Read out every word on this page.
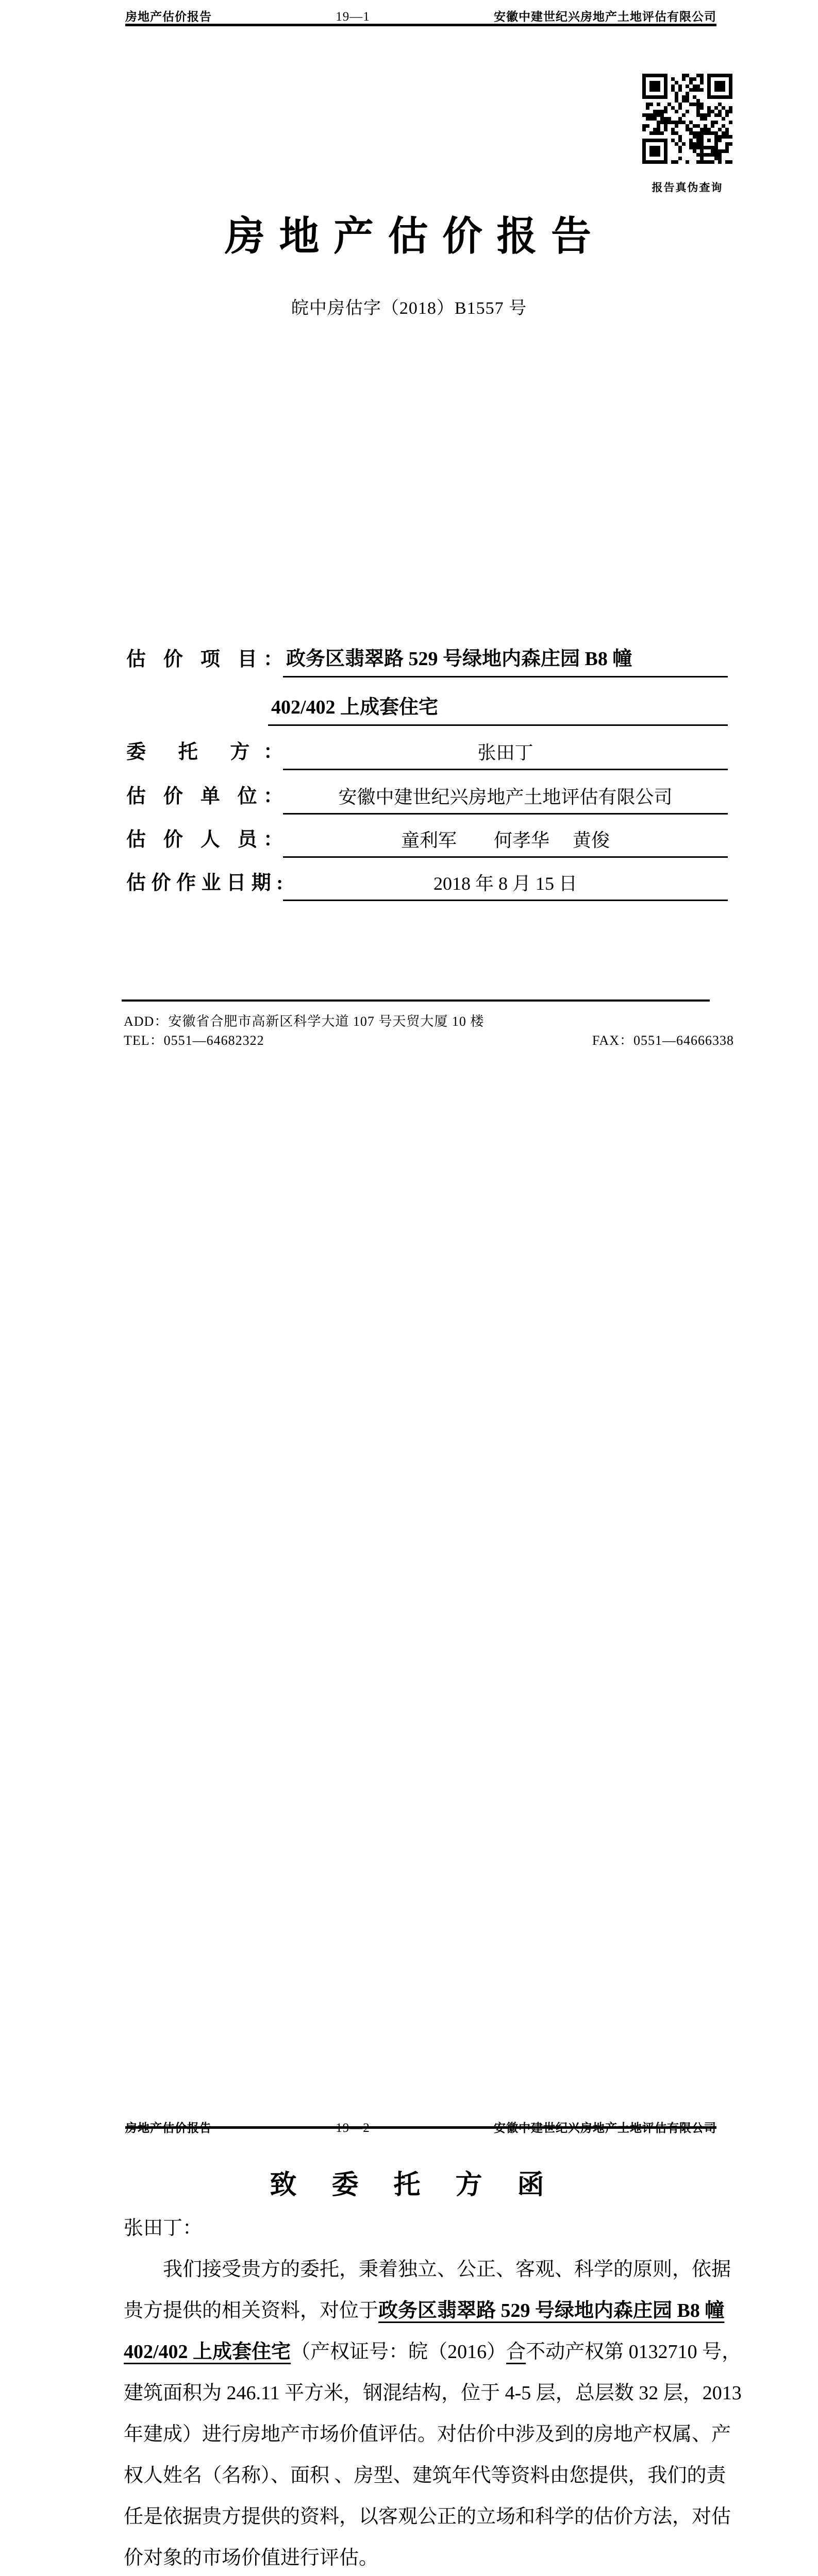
房地产估价报告	19—1	安徽中建世纪兴房地产土地评估有限公司
报告真伪查询
房 地 产 估 价 报 告
皖中房估字（2018）B1557 号
估 价 项 目： 政务区翡翠路 529 号绿地内森庄园 B8 幢
402/402 上成套住宅
委 托 方：	张田丁
估 价 单 位：	安徽中建世纪兴房地产土地评估有限公司
估 价 人 员：	童利军　　何孝华　 黄俊
估价作业日期:	2018 年 8 月 15 日
ADD：安徽省合肥市高新区科学大道 107 号天贸大厦 10 楼
TEL：0551—64682322	FAX：0551—64666338
致　委　托　方　函
张田丁：
我们接受贵方的委托，秉着独立、公正、客观、科学的原则，依据
贵方提供的相关资料，对位于政务区翡翠路 529 号绿地内森庄园 B8 幢
402/402 上成套住宅（产权证号：皖（2016）合不动产权第 0132710 号，
建筑面积为 246.11 平方米，钢混结构，位于 4-5 层，总层数 32 层，2013
年建成）进行房地产市场价值评估。对估价中涉及到的房地产权属、产
权人姓名（名称）、面积 、房型、建筑年代等资料由您提供，我们的责
任是依据贵方提供的资料，以客观公正的立场和科学的估价方法，对估
价对象的市场价值进行评估。
